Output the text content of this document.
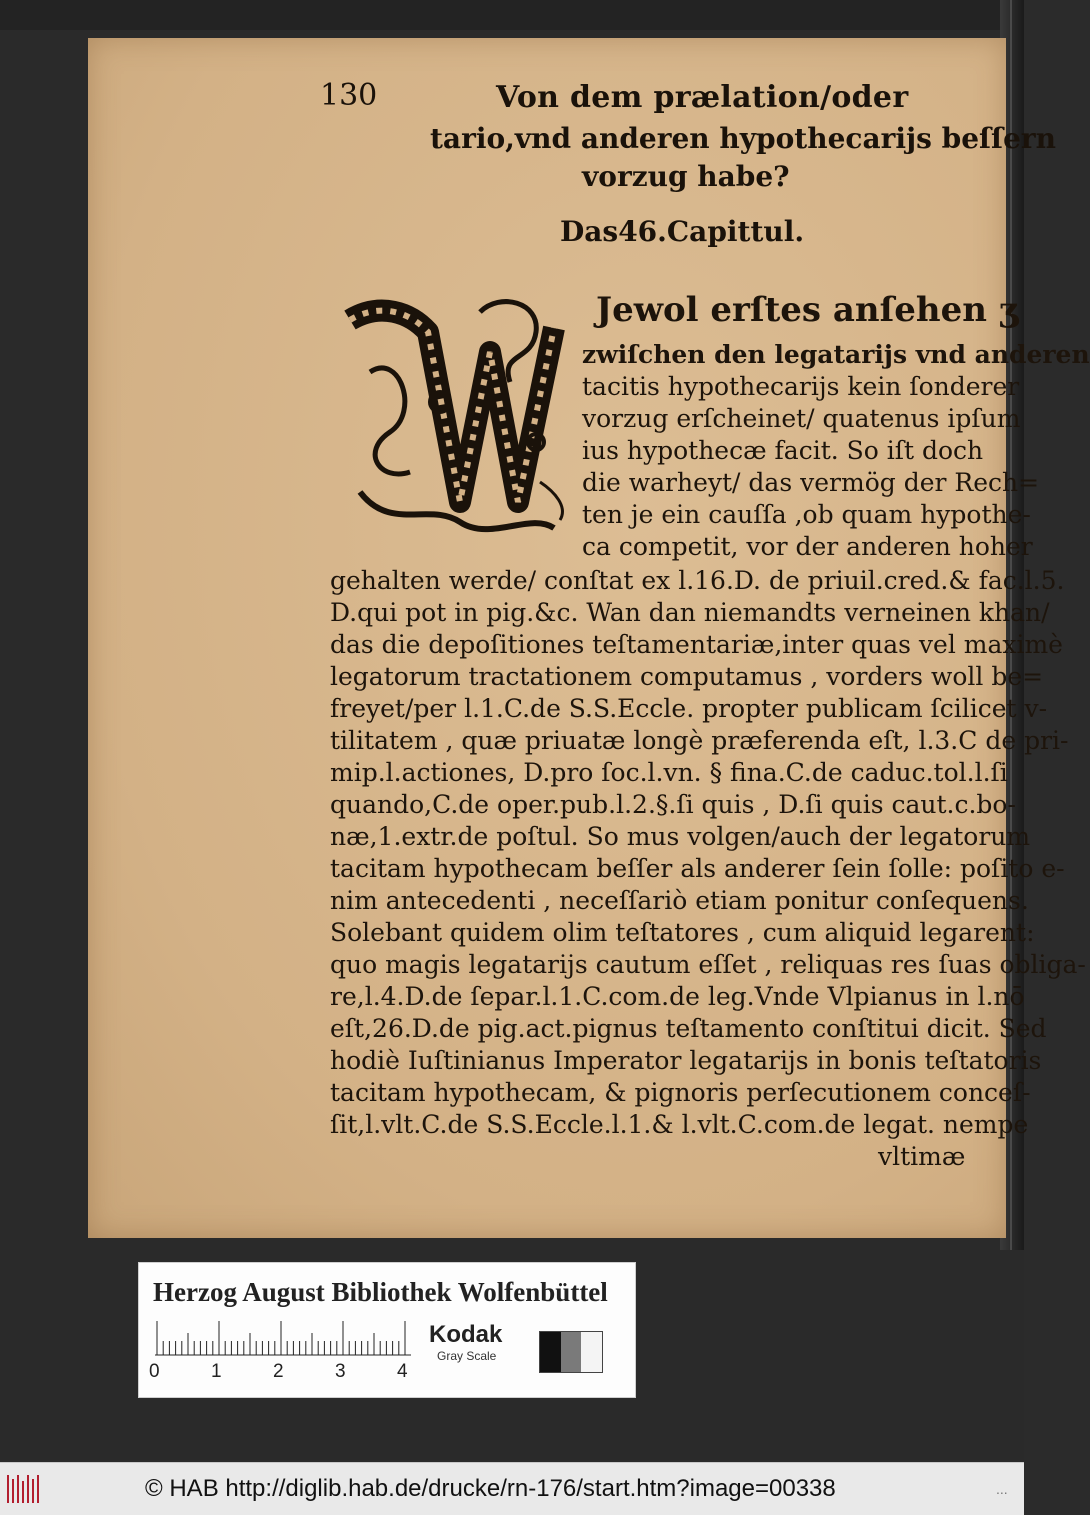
130	Von dem prælation/oder
tario,vnd anderen hypothecarijs beſſern
vorzug habe?
Das46.Capittul.
Jewol erſtes anſehen ʒ
zwiſchen den legatarijs vnd anderen
tacitis hypothecarijs kein ſonderer
vorzug erſcheinet/ quatenus ipſum
ius hypothecæ facit. So iſt doch
die warheyt/ das vermög der Rech=
ten je ein cauſſa ,ob quam hypothe-
ca competit, vor der anderen hoher
gehalten werde/ conſtat ex l.16.D. de priuil.cred.& fac.l.5.
D.qui pot in pig.&c. Wan dan niemandts verneinen khan/
das die depoſitiones teſtamentariæ,inter quas vel maximè
legatorum tractationem computamus , vorders woll be=
freyet/per l.1.C.de S.S.Eccle. propter publicam ſcilicet v-
tilitatem , quæ priuatæ longè præferenda eſt, l.3.C de pri-
mip.l.actiones, D.pro ſoc.l.vn. § fina.C.de caduc.tol.l.ſi
quando,C.de oper.pub.l.2.§.ſi quis , D.ſi quis caut.c.bo-
næ,1.extr.de poſtul. So mus volgen/auch der legatorum
tacitam hypothecam beſſer als anderer ſein ſolle: poſito e-
nim antecedenti , neceſſariò etiam ponitur conſequens.
Solebant quidem olim teſtatores , cum aliquid legarent:
quo magis legatarijs cautum eſſet , reliquas res ſuas obliga-
re,l.4.D.de ſepar.l.1.C.com.de leg.Vnde Vlpianus in l.nō
eſt,26.D.de pig.act.pignus teſtamento conſtitui dicit. Sed
hodiè Iuſtinianus Imperator legatarijs in bonis teſtatoris
tacitam hypothecam, & pignoris perſecutionem conceſ-
ſit,l.vlt.C.de S.S.Eccle.l.1.& l.vlt.C.com.de legat. nempe
vltimæ
Herzog August Bibliothek Wolfenbüttel
0	1	2	3	4
Kodak
Gray Scale
© HAB http://diglib.hab.de/drucke/rn-176/start.htm?image=00338	...
